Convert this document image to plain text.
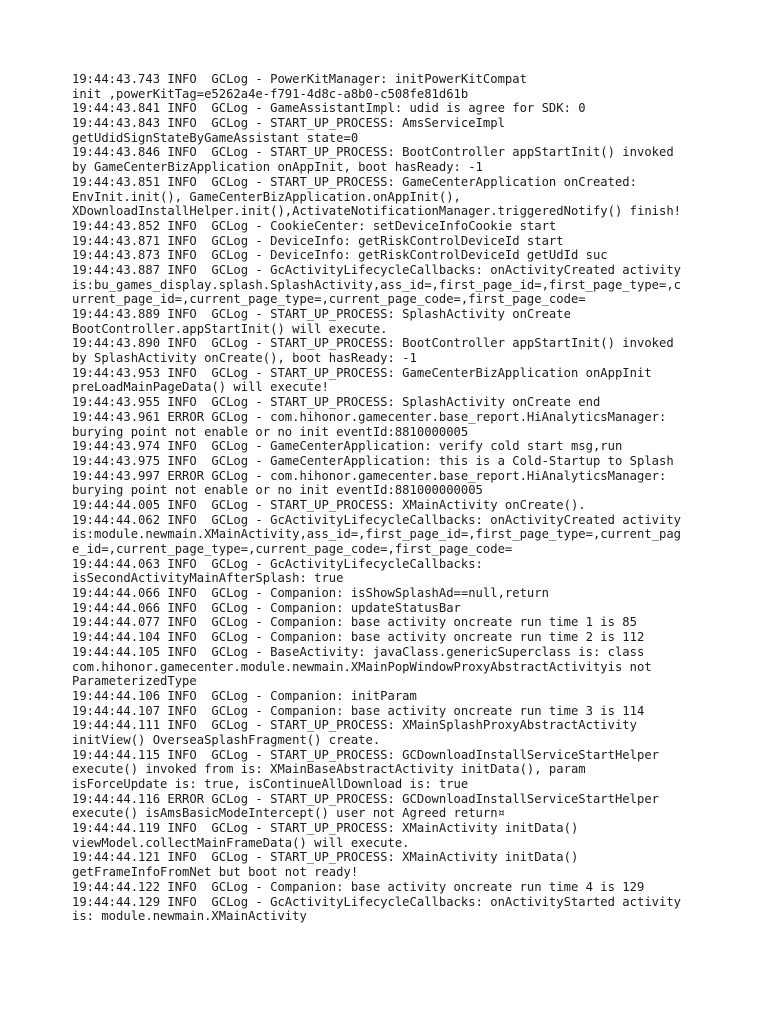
19:44:43.743 INFO  GCLog - PowerKitManager: initPowerKitCompat
init ,powerKitTag=e5262a4e-f791-4d8c-a8b0-c508fe81d61b
19:44:43.841 INFO  GCLog - GameAssistantImpl: udid is agree for SDK: 0
19:44:43.843 INFO  GCLog - START_UP_PROCESS: AmsServiceImpl
getUdidSignStateByGameAssistant state=0
19:44:43.846 INFO  GCLog - START_UP_PROCESS: BootController appStartInit() invoked
by GameCenterBizApplication onAppInit, boot hasReady: -1
19:44:43.851 INFO  GCLog - START_UP_PROCESS: GameCenterApplication onCreated:
EnvInit.init(), GameCenterBizApplication.onAppInit(),
XDownloadInstallHelper.init(),ActivateNotificationManager.triggeredNotify() finish!
19:44:43.852 INFO  GCLog - CookieCenter: setDeviceInfoCookie start
19:44:43.871 INFO  GCLog - DeviceInfo: getRiskControlDeviceId start
19:44:43.873 INFO  GCLog - DeviceInfo: getRiskControlDeviceId getUdId suc
19:44:43.887 INFO  GCLog - GcActivityLifecycleCallbacks: onActivityCreated activity
is:bu_games_display.splash.SplashActivity,ass_id=,first_page_id=,first_page_type=,c
urrent_page_id=,current_page_type=,current_page_code=,first_page_code=
19:44:43.889 INFO  GCLog - START_UP_PROCESS: SplashActivity onCreate
BootController.appStartInit() will execute.
19:44:43.890 INFO  GCLog - START_UP_PROCESS: BootController appStartInit() invoked
by SplashActivity onCreate(), boot hasReady: -1
19:44:43.953 INFO  GCLog - START_UP_PROCESS: GameCenterBizApplication onAppInit
preLoadMainPageData() will execute!
19:44:43.955 INFO  GCLog - START_UP_PROCESS: SplashActivity onCreate end
19:44:43.961 ERROR GCLog - com.hihonor.gamecenter.base_report.HiAnalyticsManager:
burying point not enable or no init eventId:8810000005
19:44:43.974 INFO  GCLog - GameCenterApplication: verify cold start msg,run
19:44:43.975 INFO  GCLog - GameCenterApplication: this is a Cold-Startup to Splash
19:44:43.997 ERROR GCLog - com.hihonor.gamecenter.base_report.HiAnalyticsManager:
burying point not enable or no init eventId:881000000005
19:44:44.005 INFO  GCLog - START_UP_PROCESS: XMainActivity onCreate().
19:44:44.062 INFO  GCLog - GcActivityLifecycleCallbacks: onActivityCreated activity
is:module.newmain.XMainActivity,ass_id=,first_page_id=,first_page_type=,current_pag
e_id=,current_page_type=,current_page_code=,first_page_code=
19:44:44.063 INFO  GCLog - GcActivityLifecycleCallbacks:
isSecondActivityMainAfterSplash: true
19:44:44.066 INFO  GCLog - Companion: isShowSplashAd==null,return
19:44:44.066 INFO  GCLog - Companion: updateStatusBar
19:44:44.077 INFO  GCLog - Companion: base activity oncreate run time 1 is 85
19:44:44.104 INFO  GCLog - Companion: base activity oncreate run time 2 is 112
19:44:44.105 INFO  GCLog - BaseActivity: javaClass.genericSuperclass is: class
com.hihonor.gamecenter.module.newmain.XMainPopWindowProxyAbstractActivityis not
ParameterizedType
19:44:44.106 INFO  GCLog - Companion: initParam
19:44:44.107 INFO  GCLog - Companion: base activity oncreate run time 3 is 114
19:44:44.111 INFO  GCLog - START_UP_PROCESS: XMainSplashProxyAbstractActivity
initView() OverseaSplashFragment() create.
19:44:44.115 INFO  GCLog - START_UP_PROCESS: GCDownloadInstallServiceStartHelper
execute() invoked from is: XMainBaseAbstractActivity initData(), param
isForceUpdate is: true, isContinueAllDownload is: true
19:44:44.116 ERROR GCLog - START_UP_PROCESS: GCDownloadInstallServiceStartHelper
execute() isAmsBasicModeIntercept() user not Agreed return¤
19:44:44.119 INFO  GCLog - START_UP_PROCESS: XMainActivity initData()
viewModel.collectMainFrameData() will execute.
19:44:44.121 INFO  GCLog - START_UP_PROCESS: XMainActivity initData()
getFrameInfoFromNet but boot not ready!
19:44:44.122 INFO  GCLog - Companion: base activity oncreate run time 4 is 129
19:44:44.129 INFO  GCLog - GcActivityLifecycleCallbacks: onActivityStarted activity
is: module.newmain.XMainActivity
